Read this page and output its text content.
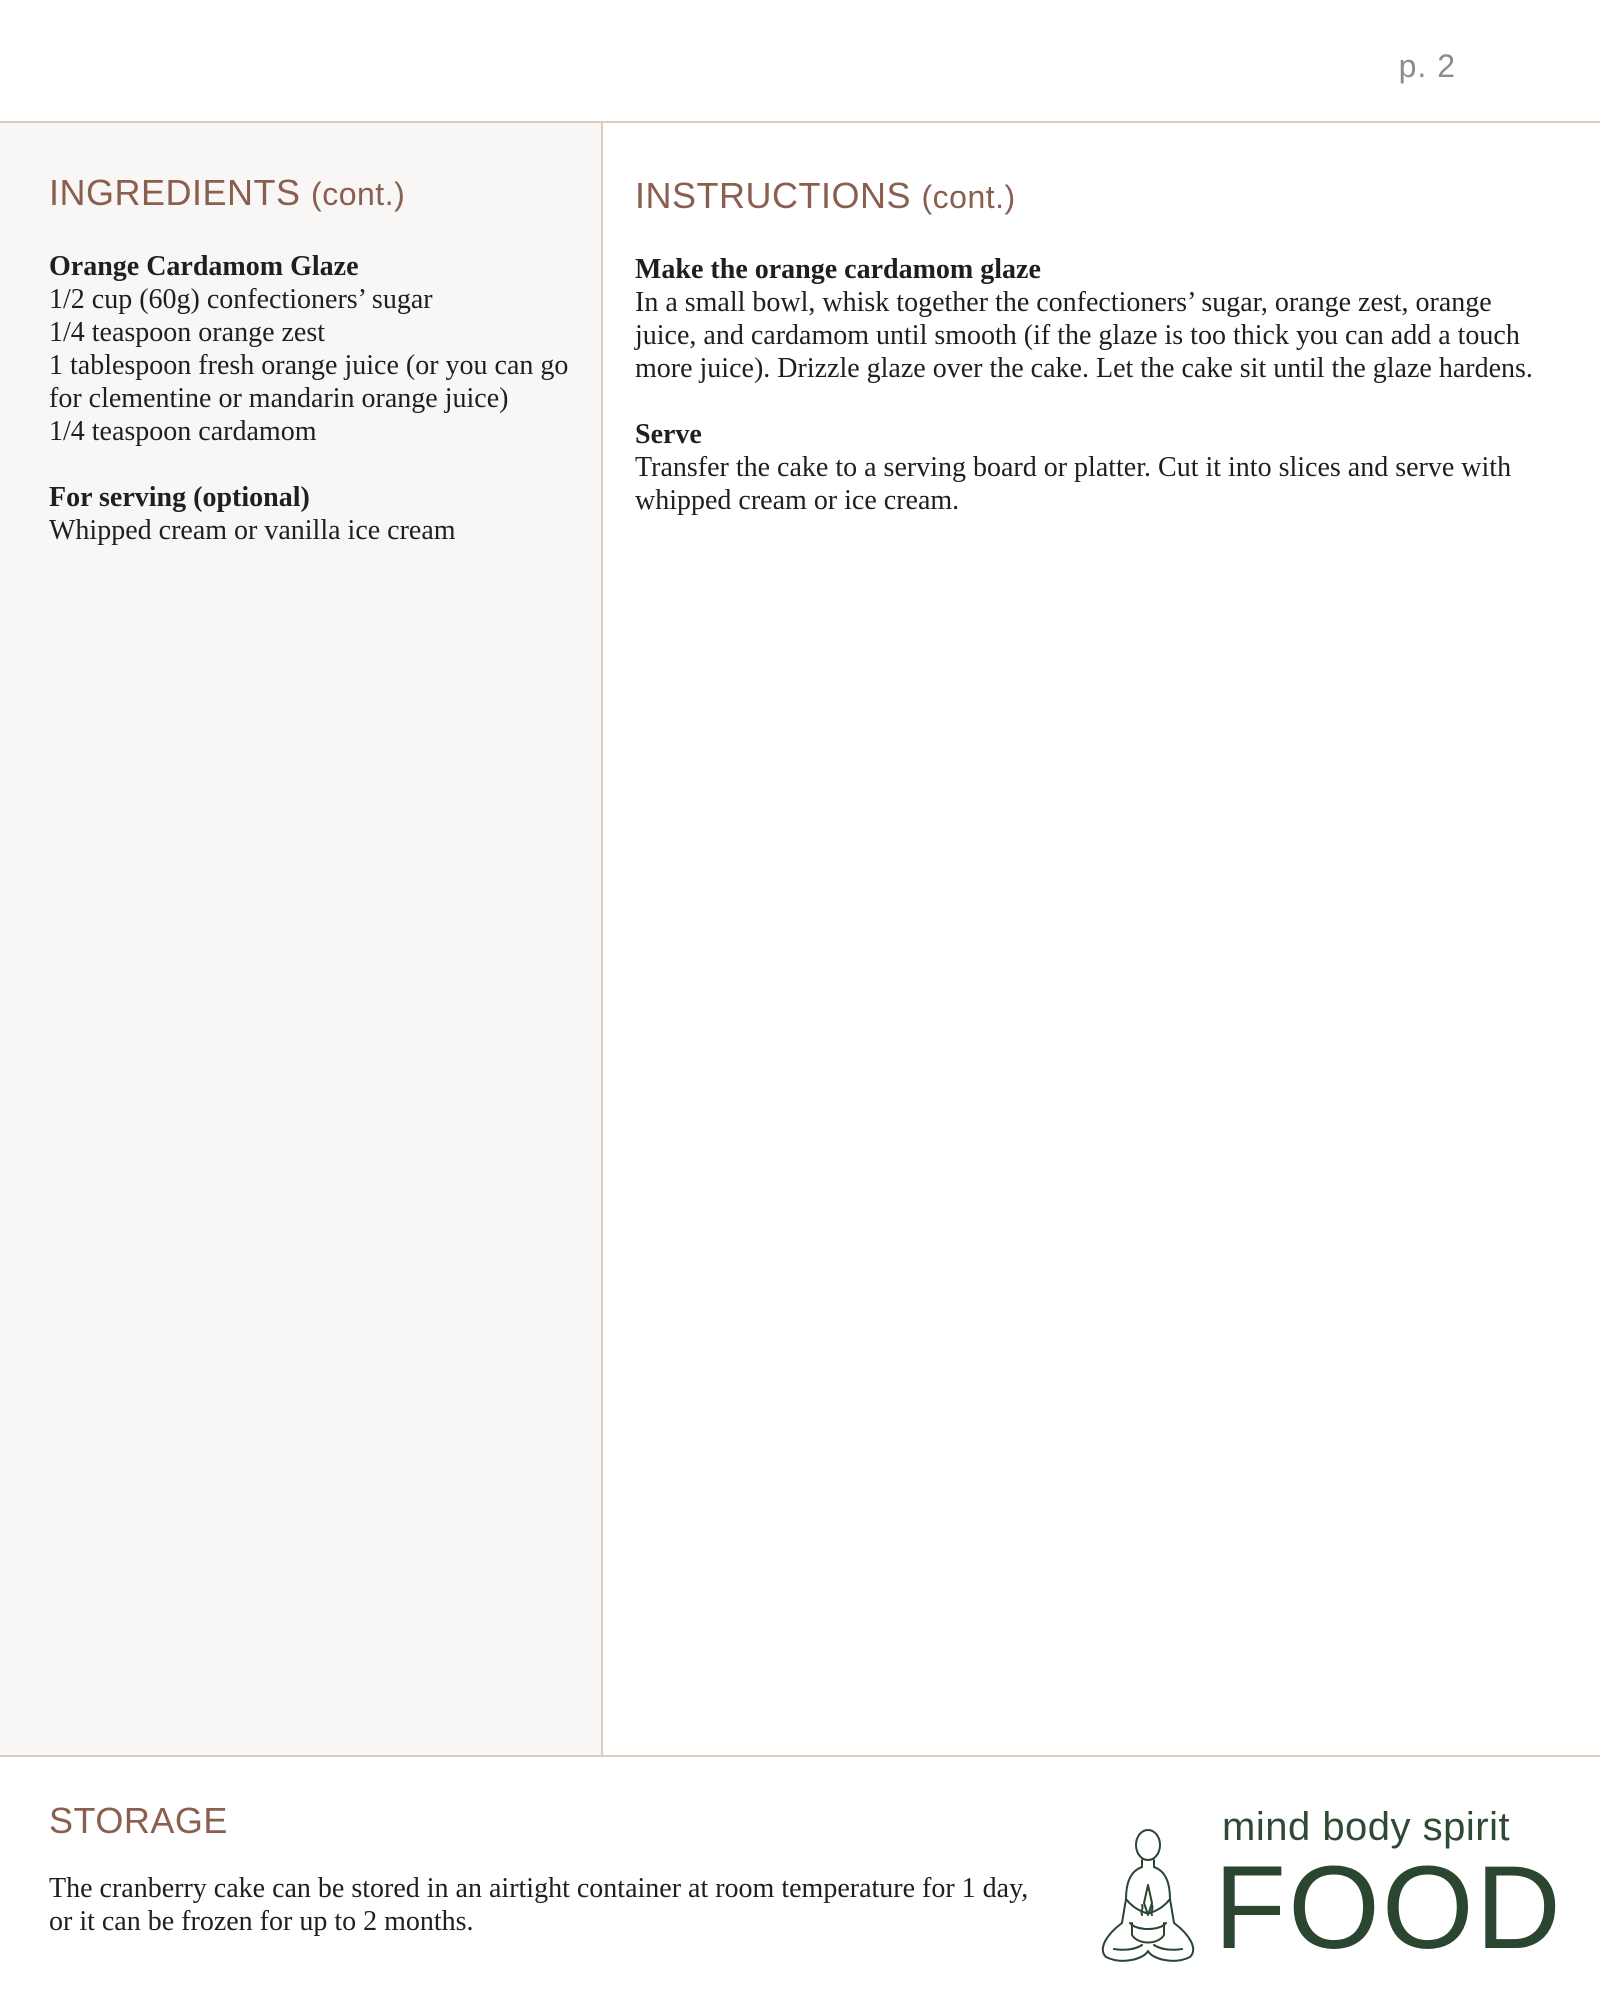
p. 2
INGREDIENTS (cont.)

Orange Cardamom Glaze

1/2 cup (60g) confectioners’ sugar

1/4 teaspoon orange zest

1 tablespoon fresh orange juice (or you can go for clementine or mandarin orange juice)

1/4 teaspoon cardamom

For serving (optional)

Whipped cream or vanilla ice cream

INSTRUCTIONS (cont.)

Make the orange cardamom glaze

In a small bowl, whisk together the confectioners’ sugar, orange zest, orange juice, and cardamom until smooth (if the glaze is too thick you can add a touch more juice). Drizzle glaze over the cake. Let the cake sit until the glaze hardens.

Serve

Transfer the cake to a serving board or platter. Cut it into slices and serve with whipped cream or ice cream.

STORAGE

The cranberry cake can be stored in an airtight container at room temperature for 1 day, or it can be frozen for up to 2 months.

mind body spirit
FOOD
